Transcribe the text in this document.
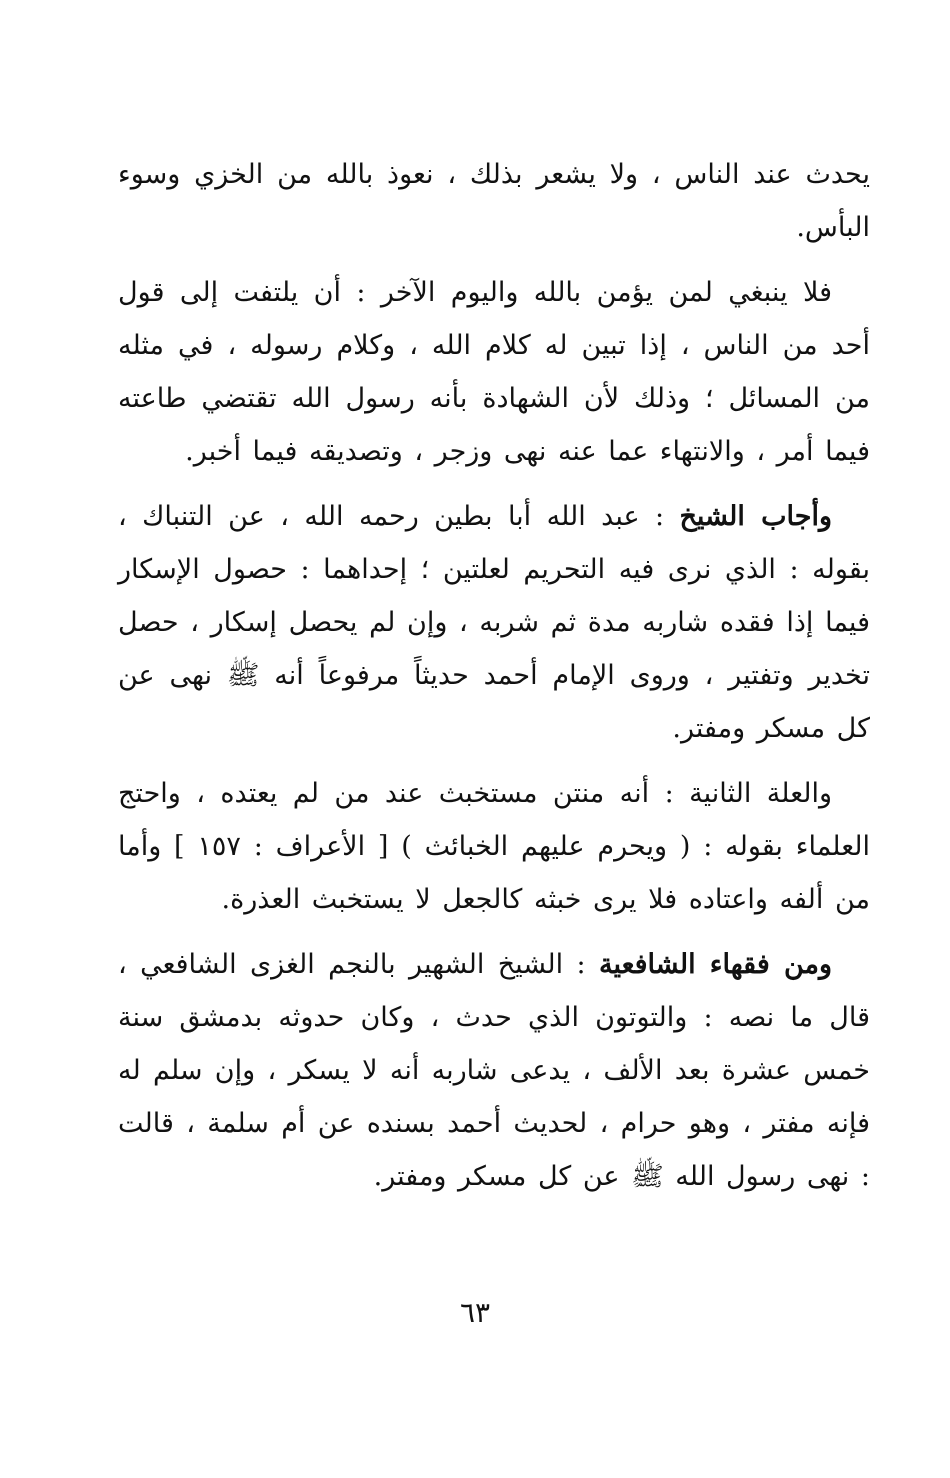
يحدث عند الناس ، ولا يشعر بذلك ، نعوذ بالله من الخزي وسوء البأس.

فلا ينبغي لمن يؤمن بالله واليوم الآخر : أن يلتفت إلى قول أحد من الناس ، إذا تبين له كلام الله ، وكلام رسوله ، في مثله من المسائل ؛ وذلك لأن الشهادة بأنه رسول الله تقتضي طاعته فيما أمر ، والانتهاء عما عنه نهى وزجر ، وتصديقه فيما أخبر.

وأجاب الشيخ : عبد الله أبا بطين رحمه الله ، عن التنباك ، بقوله : الذي نرى فيه التحريم لعلتين ؛ إحداهما : حصول الإسكار فيما إذا فقده شاربه مدة ثم شربه ، وإن لم يحصل إسكار ، حصل تخدير وتفتير ، وروى الإمام أحمد حديثاً مرفوعاً أنه ﷺ نهى عن كل مسكر ومفتر.

والعلة الثانية : أنه منتن مستخبث عند من لم يعتده ، واحتج العلماء بقوله : ( ويحرم عليهم الخبائث ) [ الأعراف : ١٥٧ ] وأما من ألفه واعتاده فلا يرى خبثه كالجعل لا يستخبث العذرة.

ومن فقهاء الشافعية : الشيخ الشهير بالنجم الغزى الشافعي ، قال ما نصه : والتوتون الذي حدث ، وكان حدوثه بدمشق سنة خمس عشرة بعد الألف ، يدعى شاربه أنه لا يسكر ، وإن سلم له فإنه مفتر ، وهو حرام ، لحديث أحمد بسنده عن أم سلمة ، قالت : نهى رسول الله ﷺ عن كل مسكر ومفتر.

٦٣
